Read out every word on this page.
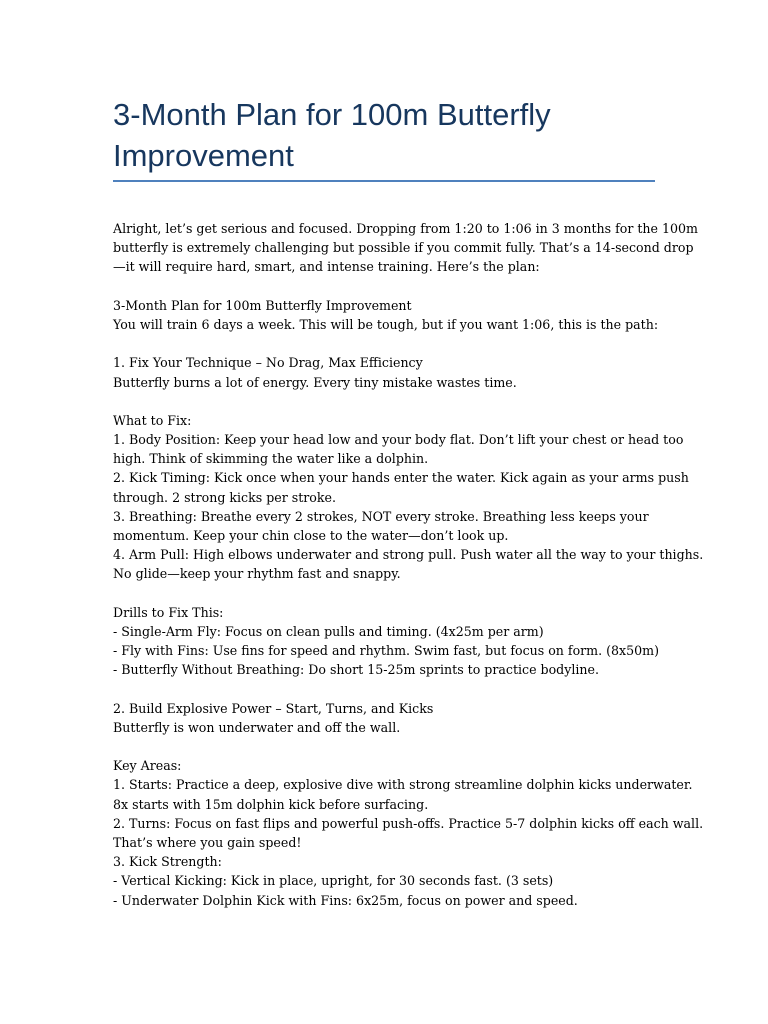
3-Month Plan for 100m Butterfly
Improvement
Alright, let’s get serious and focused. Dropping from 1:20 to 1:06 in 3 months for the 100m
butterfly is extremely challenging but possible if you commit fully. That’s a 14-second drop
—it will require hard, smart, and intense training. Here’s the plan:
3-Month Plan for 100m Butterfly Improvement
You will train 6 days a week. This will be tough, but if you want 1:06, this is the path:
1. Fix Your Technique – No Drag, Max Efficiency
Butterfly burns a lot of energy. Every tiny mistake wastes time.
What to Fix:
1. Body Position: Keep your head low and your body flat. Don’t lift your chest or head too
high. Think of skimming the water like a dolphin.
2. Kick Timing: Kick once when your hands enter the water. Kick again as your arms push
through. 2 strong kicks per stroke.
3. Breathing: Breathe every 2 strokes, NOT every stroke. Breathing less keeps your
momentum. Keep your chin close to the water—don’t look up.
4. Arm Pull: High elbows underwater and strong pull. Push water all the way to your thighs.
No glide—keep your rhythm fast and snappy.
Drills to Fix This:
- Single-Arm Fly: Focus on clean pulls and timing. (4x25m per arm)
- Fly with Fins: Use fins for speed and rhythm. Swim fast, but focus on form. (8x50m)
- Butterfly Without Breathing: Do short 15-25m sprints to practice bodyline.
2. Build Explosive Power – Start, Turns, and Kicks
Butterfly is won underwater and off the wall.
Key Areas:
1. Starts: Practice a deep, explosive dive with strong streamline dolphin kicks underwater.
8x starts with 15m dolphin kick before surfacing.
2. Turns: Focus on fast flips and powerful push-offs. Practice 5-7 dolphin kicks off each wall.
That’s where you gain speed!
3. Kick Strength:
- Vertical Kicking: Kick in place, upright, for 30 seconds fast. (3 sets)
- Underwater Dolphin Kick with Fins: 6x25m, focus on power and speed.
